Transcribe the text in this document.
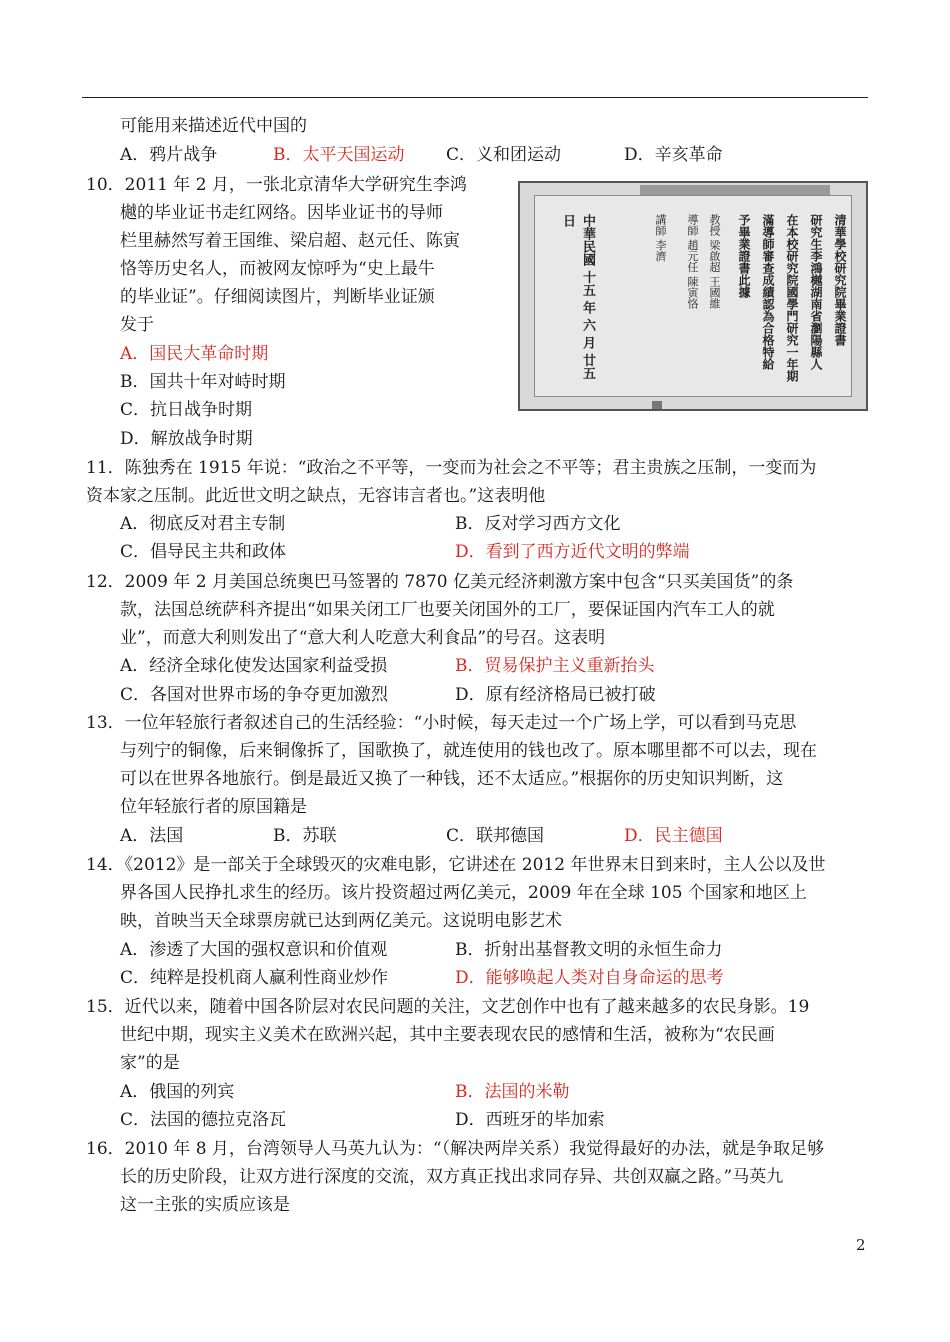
可能用来描述近代中国的
A．鸦片战争	B．太平天国运动 C．义和团运动	D．辛亥革命
10．2011 年 2 月，一张北京清华大学研究生李鸿
樾的毕业证书走红网络。因毕业证书的导师
栏里赫然写着王国维、梁启超、赵元任、陈寅
恪等历史名人，而被网友惊呼为“史上最牛
的毕业证”。仔细阅读图片，判断毕业证颁
发于
A．国民大革命时期
B．国共十年对峙时期
C．抗日战争时期
D．解放战争时期
清華學校研究院畢業證書
研究生李鴻樾湖南省瀏陽縣人
在本校研究院國學門研究一年期
滿導師審查成績認為合格特給
予畢業證書此據
教授 梁啟超 王國維
導師 趙元任 陳寅恪
講師 李濟
中華民國 十五 年 六 月 廿五 日
11．陈独秀在 1915 年说：“政治之不平等，一变而为社会之不平等；君主贵族之压制，一变而为
资本家之压制。此近世文明之缺点，无容讳言者也。”这表明他
A．彻底反对君主专制	B．反对学习西方文化
C．倡导民主共和政体	D．看到了西方近代文明的弊端
12．2009 年 2 月美国总统奥巴马签署的 7870 亿美元经济刺激方案中包含“只买美国货”的条
款，法国总统萨科齐提出“如果关闭工厂也要关闭国外的工厂，要保证国内汽车工人的就
业”，而意大利则发出了“意大利人吃意大利食品”的号召。这表明
A．经济全球化使发达国家利益受损	B．贸易保护主义重新抬头
C．各国对世界市场的争夺更加激烈	D．原有经济格局已被打破
13．一位年轻旅行者叙述自己的生活经验：“小时候，每天走过一个广场上学，可以看到马克思
与列宁的铜像，后来铜像拆了，国歌换了，就连使用的钱也改了。原本哪里都不可以去，现在
可以在世界各地旅行。倒是最近又换了一种钱，还不太适应。”根据你的历史知识判断，这
位年轻旅行者的原国籍是
A．法国	B．苏联	C．联邦德国	D．民主德国
14．《2012》是一部关于全球毁灭的灾难电影，它讲述在 2012 年世界末日到来时，主人公以及世
界各国人民挣扎求生的经历。该片投资超过两亿美元，2009 年在全球 105 个国家和地区上
映，首映当天全球票房就已达到两亿美元。这说明电影艺术
A．渗透了大国的强权意识和价值观	B．折射出基督教文明的永恒生命力
C．纯粹是投机商人赢利性商业炒作	D．能够唤起人类对自身命运的思考
15．近代以来，随着中国各阶层对农民问题的关注，文艺创作中也有了越来越多的农民身影。19
世纪中期，现实主义美术在欧洲兴起，其中主要表现农民的感情和生活，被称为“农民画
家”的是
A．俄国的列宾	B．法国的米勒
C．法国的德拉克洛瓦	D．西班牙的毕加索
16．2010 年 8 月，台湾领导人马英九认为：“（解决两岸关系）我觉得最好的办法，就是争取足够
长的历史阶段，让双方进行深度的交流，双方真正找出求同存异、共创双赢之路。”马英九
这一主张的实质应该是
2
